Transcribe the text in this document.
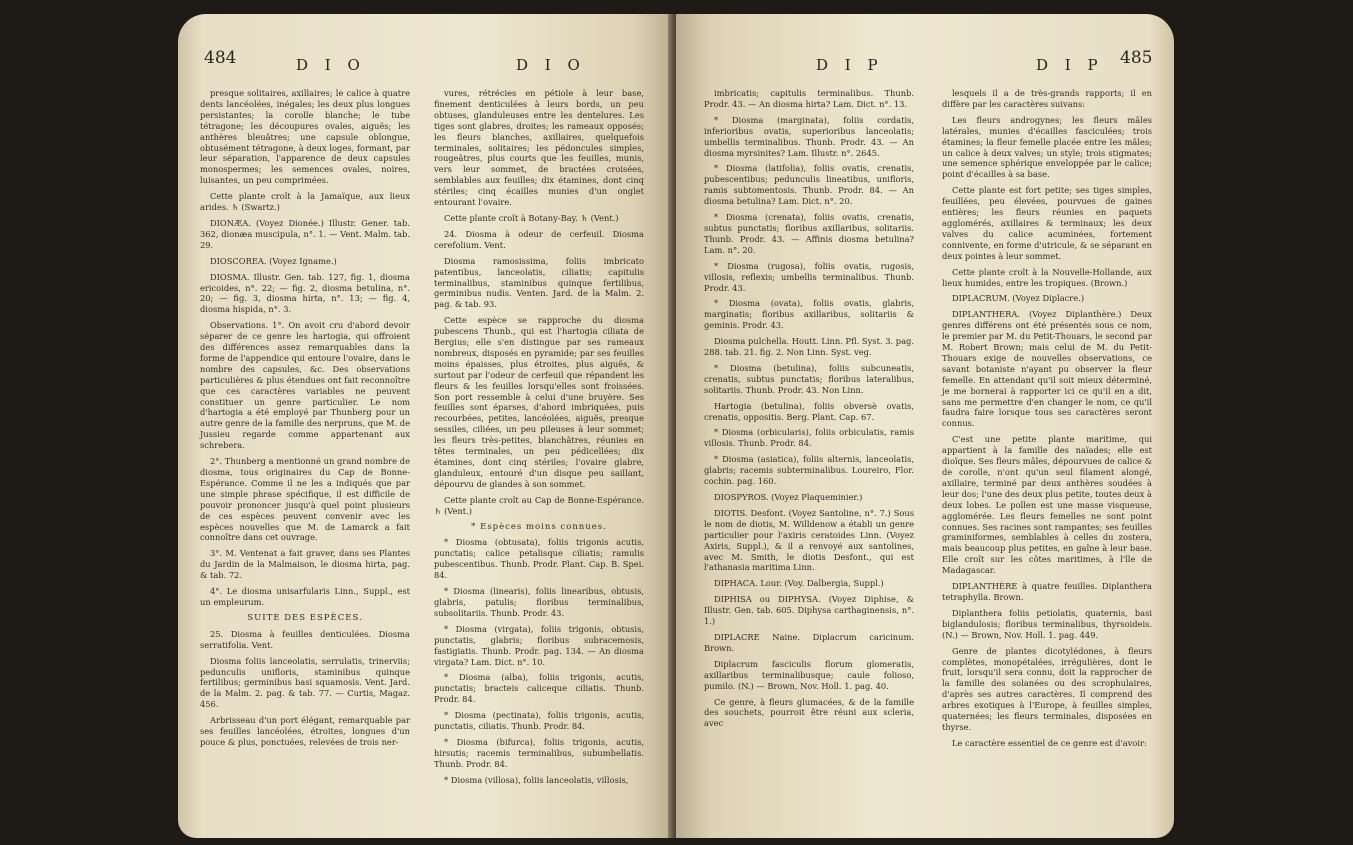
484	D I O	D I O

presque solitaires, axillaires; le calice à quatre dents lancéolées, inégales; les deux plus longues persistantes; la corolle blanche; le tube tétragone; les découpures ovales, aiguës; les anthères bleuâtres; une capsule oblongue, obtusément tétragone, à deux loges, formant, par leur séparation, l'apparence de deux capsules monospermes; les semences ovales, noires, luisantes, un peu comprimées.

Cette plante croît à la Jamaïque, aux lieux arides. ♄ (Swartz.)

DIONÆA. (Voyez Dionée.) Illustr. Gener. tab. 362, dionæa muscipula, n°. 1. — Vent. Malm. tab. 29.

DIOSCOREA. (Voyez Igname.)

DIOSMA. Illustr. Gen. tab. 127, fig. 1, diosma ericoides, n°. 22; — fig. 2, diosma betulina, n°. 20; — fig. 3, diosma hirta, n°. 13; — fig. 4, diosma hispida, n°. 3.

Observations. 1°. On avoit cru d'abord devoir séparer de ce genre les hartogia, qui offroient des différences assez remarquables dans la forme de l'appendice qui entoure l'ovaire, dans le nombre des capsules, &c. Des observations particulières & plus étendues ont fait reconnoître que ces caractères variables ne peuvent constituer un genre particulier. Le nom d'hartogia a été employé par Thunberg pour un autre genre de la famille des nerpruns, que M. de Jussieu regarde comme appartenant aux schrebera.

2°. Thunberg a mentionné un grand nombre de diosma, tous originaires du Cap de Bonne-Espérance. Comme il ne les a indiqués que par une simple phrase spécifique, il est difficile de pouvoir prononcer jusqu'à quel point plusieurs de ces espèces peuvent convenir avec les espèces nouvelles que M. de Lamarck a fait connoître dans cet ouvrage.

3°. M. Ventenat a fait graver, dans ses Plantes du Jardin de la Malmaison, le diosma hirta, pag. & tab. 72.

4°. Le diosma unisarfularis Linn., Suppl., est un empleurum.

SUITE DES ESPÈCES.

25. Diosma à feuilles denticulées. Diosma serratifolia. Vent.

Diosma foliis lanceolatis, serrulatis, trinerviis; pedunculis unifloris, staminibus quinque fertilibus; germinibus basi squamosis. Vent. Jard. de la Malm. 2. pag. & tab. 77. — Curtis, Magaz. 456.

Arbrisseau d'un port élégant, remarquable par ses feuilles lancéolées, étroites, longues d'un pouce & plus, ponctuées, relevées de trois ner-

vures, rétrécies en pétiole à leur base, finement denticulées à leurs bords, un peu obtuses, glanduleuses entre les dentelures. Les tiges sont glabres, droites; les rameaux opposés; les fleurs blanches, axillaires, quelquefois terminales, solitaires; les pédoncules simples, rougeâtres, plus courts que les feuilles, munis, vers leur sommet, de bractées croisées, semblables aux feuilles; dix étamines, dont cinq stériles; cinq écailles munies d'un onglet entourant l'ovaire.

Cette plante croît à Botany-Bay. ♄ (Vent.)

24. Diosma à odeur de cerfeuil. Diosma cerefolium. Vent.

Diosma ramosissima, foliis imbricato patentibus, lanceolatis, ciliatis; capitulis terminalibus, staminibus quinque fertilibus, germinibus nudis. Venten. Jard. de la Malm. 2. pag. & tab. 93.

Cette espèce se rapproche du diosma pubescens Thunb., qui est l'hartogia ciliata de Bergius; elle s'en distingue par ses rameaux nombreux, disposés en pyramide; par ses feuilles moins épaisses, plus étroites, plus aiguës, & surtout par l'odeur de cerfeuil que répandent les fleurs & les feuilles lorsqu'elles sont froissées. Son port ressemble à celui d'une bruyère. Ses feuilles sont éparses, d'abord imbriquées, puis recourbées, petites, lancéolées, aiguës, presque sessiles, ciliées, un peu pileuses à leur sommet; les fleurs très-petites, blanchâtres, réunies en têtes terminales, un peu pédicellées; dix étamines, dont cinq stériles; l'ovaire glabre, glanduleux, entouré d'un disque peu saillant, dépourvu de glandes à son sommet.

Cette plante croît au Cap de Bonne-Espérance. ♄ (Vent.)

* Espèces moins connues.

* Diosma (obtusata), foliis trigonis acutis, punctatis; calice petalisque ciliatis; ramulis pubescentibus. Thunb. Prodr. Plant. Cap. B. Spei. 84.

* Diosma (linearis), foliis linearibus, obtusis, glabris, patulis; floribus terminalibus, subsolitariis. Thunb. Prodr. 43.

* Diosma (virgata), foliis trigonis, obtusis, punctatis, glabris; floribus subracemosis, fastigiatis. Thunb. Prodr. pag. 134. — An diosma virgata? Lam. Dict. n°. 10.

* Diosma (alba), foliis trigonis, acutis, punctatis; bracteis caliceque ciliatis. Thunb. Prodr. 84.

* Diosma (pectinata), foliis trigonis, acutis, punctatis, ciliatis. Thunb. Prodr. 84.

* Diosma (bifurca), foliis trigonis, acutis, hirsutis; racemis terminalibus, subumbellatis. Thunb. Prodr. 84.

* Diosma (villosa), foliis lanceolatis, villosis,

D I P	D I P 485

imbricatis; capitulis terminalibus. Thunb. Prodr. 43. — An diosma hirta? Lam. Dict. n°. 13.

* Diosma (marginata), foliis cordatis, inferioribus ovatis, superioribus lanceolatis; umbellis terminalibus. Thunb. Prodr. 43. — An diosma myrsinites? Lam. Illustr. n°. 2645.

* Diosma (latifolia), foliis ovatis, crenatis, pubescentibus; pedunculis lineatibus, unifloris, ramis subtomentosis. Thunb. Prodr. 84. — An diosma betulina? Lam. Dict. n°. 20.

* Diosma (crenata), foliis ovatis, crenatis, subtus punctatis; floribus axillaribus, solitariis. Thunb. Prodr. 43. — Affinis diosma betulina? Lam. n°. 20.

* Diosma (rugosa), foliis ovatis, rugosis, villosis, reflexis; umbellis terminalibus. Thunb. Prodr. 43.

* Diosma (ovata), foliis ovatis, glabris, marginatis; floribus axillaribus, solitariis & geminis. Prodr. 43.

Diosma pulchella. Houtt. Linn. Pfl. Syst. 3. pag. 288. tab. 21. fig. 2. Non Linn. Syst. veg.

* Diosma (betulina), foliis subcuneatis, crenatis, subtus punctatis; floribus lateralibus, solitariis. Thunb. Prodr. 43. Non Linn.

Hartogia (betulina), foliis obversè ovatis, crenatis, oppositis. Berg. Plant. Cap. 67.

* Diosma (orbicularis), foliis orbiculatis, ramis villosis. Thunb. Prodr. 84.

* Diosma (asiatica), foliis alternis, lanceolatis, glabris; racemis subterminalibus. Loureiro, Flor. cochin. pag. 160.

DIOSPYROS. (Voyez Plaqueminier.)

DIOTIS. Desfont. (Voyez Santoline, n°. 7.) Sous le nom de diotis, M. Willdenow a établi un genre particulier pour l'axiris ceratoides Linn. (Voyez Axiris, Suppl.), & il a renvoyé aux santolines, avec M. Smith, le diotis Desfont., qui est l'athanasia maritima Linn.

DIPHACA. Lour. (Voy. Dalbergia, Suppl.)

DIPHISA ou DIPHYSA. (Voyez Diphise, & Illustr. Gen. tab. 605. Diphysa carthaginensis, n°. 1.)

DIPLACRE Naine. Diplacrum caricinum. Brown.

Diplacrum fasciculis florum glomeratis, axillaribus terminalibusque; caule folioso, pumilo. (N.) — Brown, Nov. Holl. 1. pag. 40.

Ce genre, à fleurs glumacées, & de la famille des souchets, pourroit être réuni aux scleria, avec

lesquels il a de très-grands rapports; il en diffère par les caractères suivans:

Les fleurs androgynes; les fleurs mâles latérales, munies d'écailles fasciculées; trois étamines; la fleur femelle placée entre les mâles; un calice à deux valves; un style; trois stigmates; une semence sphérique enveloppée par le calice; point d'écailles à sa base.

Cette plante est fort petite; ses tiges simples, feuillées, peu élevées, pourvues de gaines entières; les fleurs réunies en paquets agglomérés, axillaires & terminaux; les deux valves du calice acuminées, fortement connivente, en forme d'utricule, & se séparant en deux pointes à leur sommet.

Cette plante croît à la Nouvelle-Hollande, aux lieux humides, entre les tropiques. (Brown.)

DIPLACRUM. (Voyez Diplacre.)

DIPLANTHERA. (Voyez Diplanthère.) Deux genres différens ont été présentés sous ce nom, le premier par M. du Petit-Thouars, le second par M. Robert Brown; mais celui de M. du Petit-Thouars exige de nouvelles observations, ce savant botaniste n'ayant pu observer la fleur femelle. En attendant qu'il soit mieux déterminé, je me bornerai à rapporter ici ce qu'il en a dit, sans me permettre d'en changer le nom, ce qu'il faudra faire lorsque tous ses caractères seront connus.

C'est une petite plante maritime, qui appartient à la famille des naïades; elle est dioïque. Ses fleurs mâles, dépourvues de calice & de corolle, n'ont qu'un seul filament alongé, axillaire, terminé par deux anthères soudées à leur dos; l'une des deux plus petite, toutes deux à deux lobes. Le pollen est une masse visqueuse, agglomérée. Les fleurs femelles ne sont point connues. Ses racines sont rampantes; ses feuilles graminiformes, semblables à celles du zostera, mais beaucoup plus petites, en gaîne à leur base. Elle croît sur les côtes maritimes, à l'île de Madagascar.

DIPLANTHÈRE à quatre feuilles. Diplanthera tetraphylla. Brown.

Diplanthera foliis petiolatis, quaternis, basi biglandulosis; floribus terminalibus, thyrsoideis. (N.) — Brown, Nov. Holl. 1. pag. 449.

Genre de plantes dicotylédones, à fleurs complètes, monopétalées, irrégulières, dont le fruit, lorsqu'il sera connu, doit la rapprocher de la famille des solanées ou des scrophulaires, d'après ses autres caractères. Il comprend des arbres exotiques à l'Europe, à feuilles simples, quaternées; les fleurs terminales, disposées en thyrse.

Le caractère essentiel de ce genre est d'avoir:
